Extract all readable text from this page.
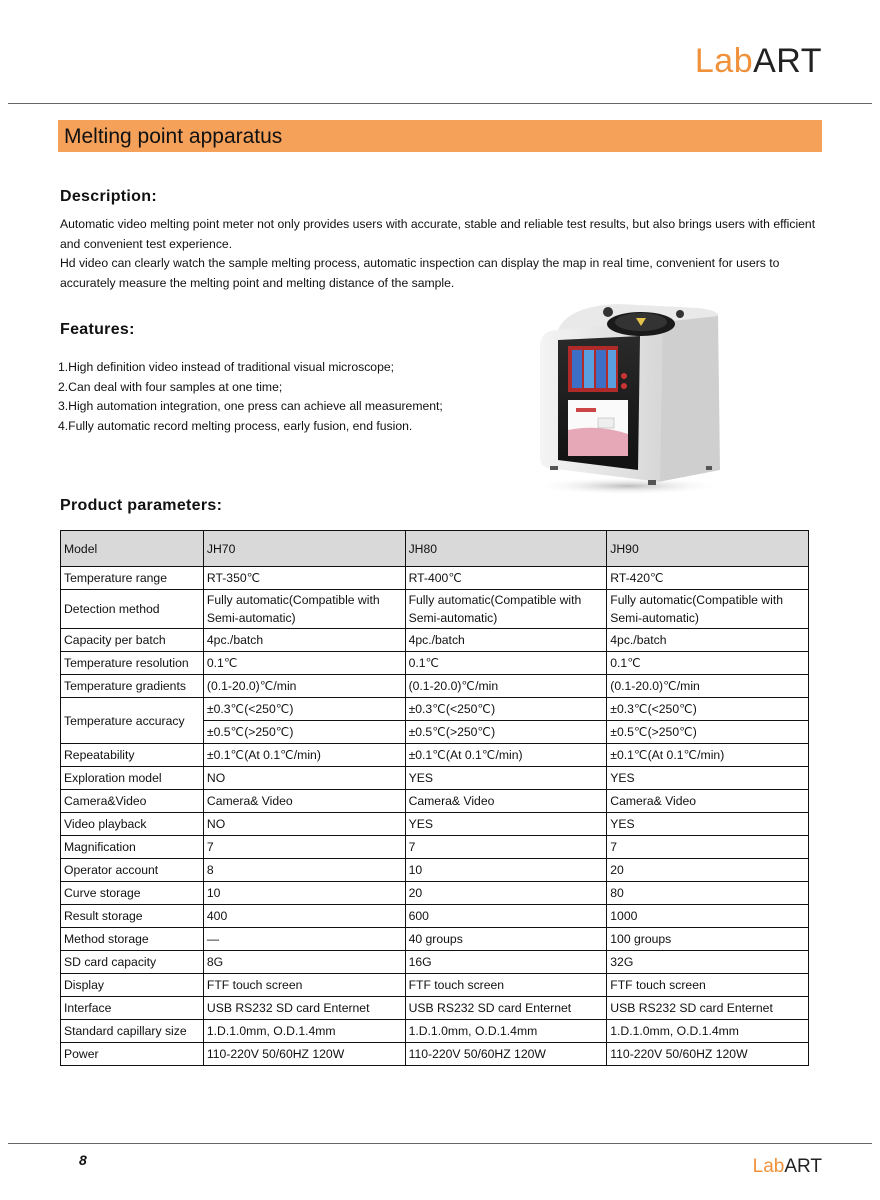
LabART
Melting point apparatus
Description:
Automatic video melting point meter not only provides users with accurate, stable and reliable test results, but also brings users with efficient and convenient test experience.
Hd video can clearly watch the sample melting process, automatic inspection can display the map in real time, convenient for users to accurately measure the melting point and melting distance of the sample.
Features:
1.High definition video instead of traditional visual microscope;
2.Can deal with four samples at one time;
3.High automation integration, one press can achieve all measurement;
4.Fully automatic record melting process, early fusion, end fusion.
Product parameters:
Model	JH70	JH80	JH90
Temperature range	RT-350℃	RT-400℃	RT-420℃
Detection method	Fully automatic(Compatible with Semi-automatic)	Fully automatic(Compatible with Semi-automatic)	Fully automatic(Compatible with Semi-automatic)
Capacity per batch	4pc./batch	4pc./batch	4pc./batch
Temperature resolution	0.1℃	0.1℃	0.1℃
Temperature gradients	(0.1-20.0)℃/min	(0.1-20.0)℃/min	(0.1-20.0)℃/min
Temperature accuracy	±0.3℃(<250℃)	±0.3℃(<250℃)	±0.3℃(<250℃)
	±0.5℃(>250℃)	±0.5℃(>250℃)	±0.5℃(>250℃)
Repeatability	±0.1℃(At 0.1℃/min)	±0.1℃(At 0.1℃/min)	±0.1℃(At 0.1℃/min)
Exploration model	NO	YES	YES
Camera&Video	Camera& Video	Camera& Video	Camera& Video
Video playback	NO	YES	YES
Magnification	7	7	7
Operator account	8	10	20
Curve storage	10	20	80
Result storage	400	600	1000
Method storage	—	40 groups	100 groups
SD card capacity	8G	16G	32G
Display	FTF touch screen	FTF touch screen	FTF touch screen
Interface	USB RS232 SD card Enternet	USB RS232 SD card Enternet	USB RS232 SD card Enternet
Standard capillary size	1.D.1.0mm, O.D.1.4mm	1.D.1.0mm, O.D.1.4mm	1.D.1.0mm, O.D.1.4mm
Power	110-220V 50/60HZ 120W	110-220V 50/60HZ 120W	110-220V 50/60HZ 120W
8	LabART
